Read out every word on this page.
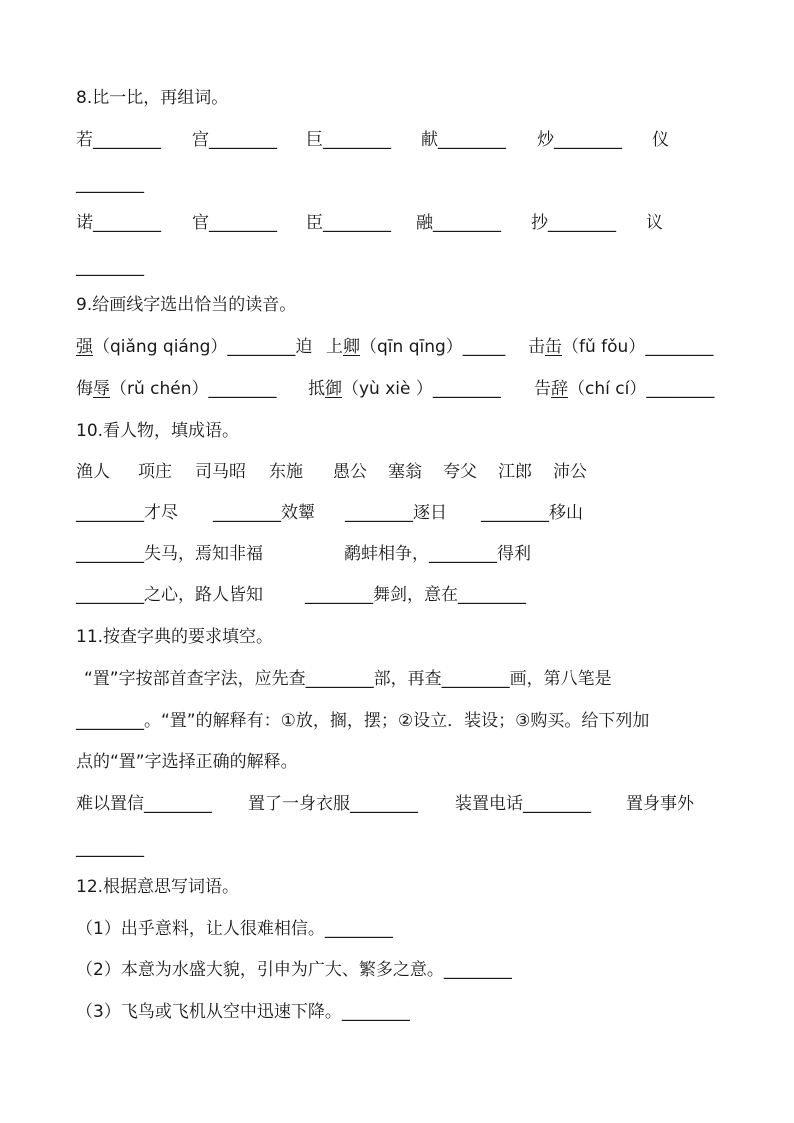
8.比一比，再组词。
若________ 宫________ 巨________ 献________ 炒________ 仪
________
诺________ 官________ 臣________ 融________ 抄________ 议
________
9.给画线字选出恰当的读音。
强（qiǎng qiáng）________迫 上卿（qīn qīng）_____ 击缶（fǔ fǒu）________
侮辱（rǔ chén）________ 抵御（yù xiè ）________ 告辞（chí cí）________
10.看人物，填成语。
渔人 项庄 司马昭 东施 愚公 塞翁 夸父 江郎 沛公
________才尽 ________效颦 ________逐日 ________移山
________失马，焉知非福	鹬蚌相争，________得利
________之心，路人皆知 ________舞剑，意在________
11.按查字典的要求填空。
“置”字按部首查字法，应先查________部，再查________画，第八笔是
________。“置”的解释有：①放，搁，摆；②设立．装设；③购买。给下列加
点的“置”字选择正确的解释。
难以置信________ 置了一身衣服________ 装置电话________ 置身事外
________
12.根据意思写词语。
（1）出乎意料，让人很难相信。________
（2）本意为水盛大貌，引申为广大、繁多之意。________
（3）飞鸟或飞机从空中迅速下降。________
